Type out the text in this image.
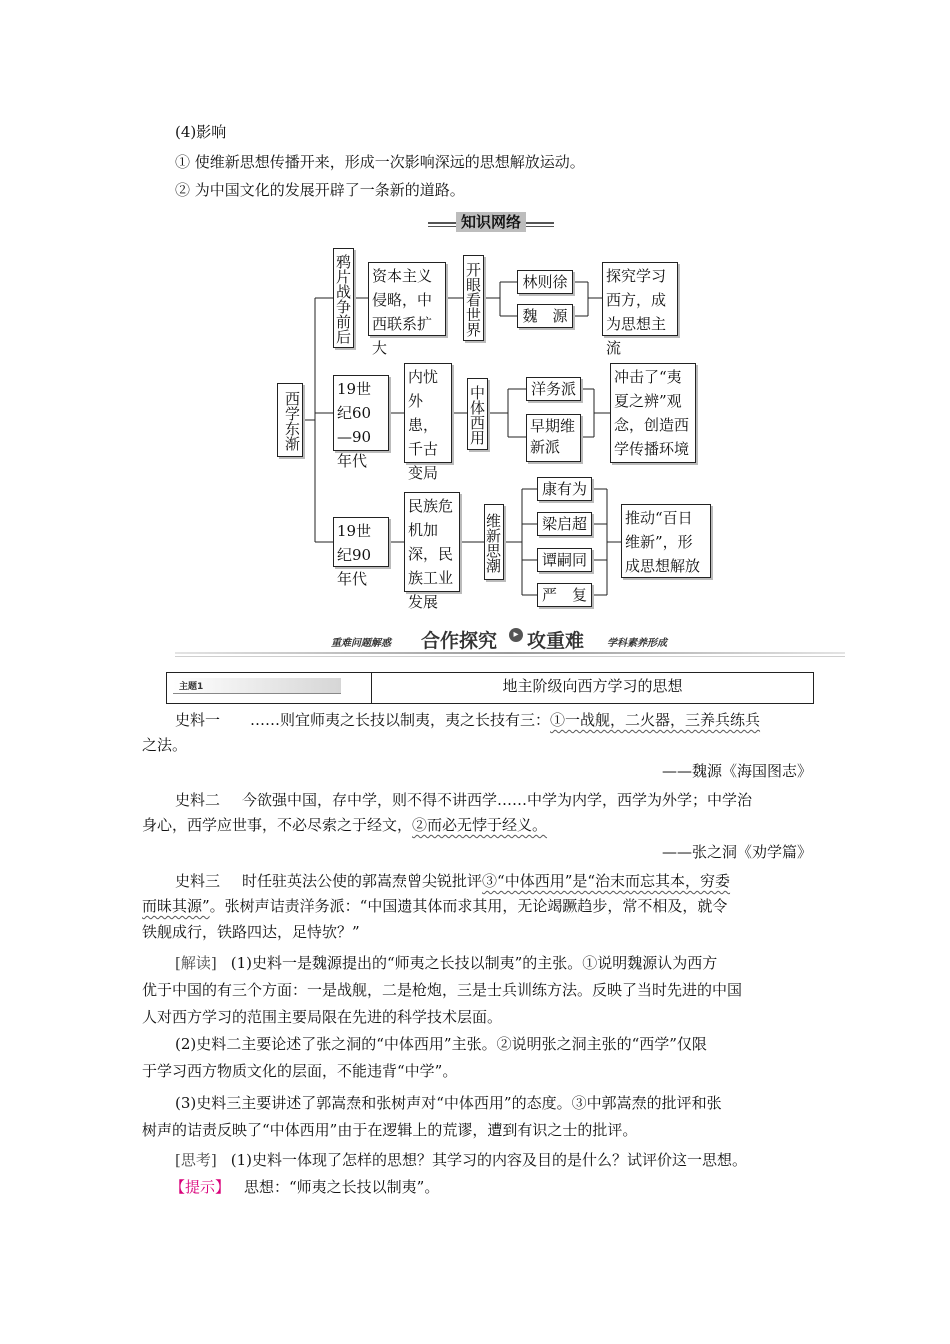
(4)影响
① 使维新思想传播开来，形成一次影响深远的思想解放运动。
② 为中国文化的发展开辟了一条新的道路。
知识网络
西学东渐
鸦片战争前后 资本主义侵略，中西联系扩大
开眼看世界	林则徐
魏　源
探究学习西方，成为思想主流
19世纪60—90年代
内忧外患，千古变局
中体西用	洋务派
早期维新派
冲击了“夷夏之辨”观念，创造西学传播环境
19世纪90年代
民族危机加深，民族工业发展
维新思潮
康有为
梁启超
谭嗣同
严　复
推动“百日维新”，形成思想解放
重难问题解惑 合作探究	▸ 攻重难 学科素养形成
主题1	地主阶级向西方学习的思想
史料一 ……则宜师夷之长技以制夷，夷之长技有三：①一战舰，二火器，三养兵练兵
之法。
——魏源《海国图志》
史料二 今欲强中国，存中学，则不得不讲西学……中学为内学，西学为外学；中学治
身心，西学应世事，不必尽索之于经文，②而必无悖于经义。
——张之洞《劝学篇》
史料三 时任驻英法公使的郭嵩焘曾尖锐批评③“中体西用”是“治末而忘其本，穷委
而昧其源”。张树声诘责洋务派：“中国遗其体而求其用，无论竭蹶趋步，常不相及，就令
铁舰成行，铁路四达，足恃欤？”
[解读] (1)史料一是魏源提出的“师夷之长技以制夷”的主张。①说明魏源认为西方
优于中国的有三个方面：一是战舰，二是枪炮，三是士兵训练方法。反映了当时先进的中国
人对西方学习的范围主要局限在先进的科学技术层面。
(2)史料二主要论述了张之洞的“中体西用”主张。②说明张之洞主张的“西学”仅限
于学习西方物质文化的层面，不能违背“中学”。
(3)史料三主要讲述了郭嵩焘和张树声对“中体西用”的态度。③中郭嵩焘的批评和张
树声的诘责反映了“中体西用”由于在逻辑上的荒谬，遭到有识之士的批评。
[思考] (1)史料一体现了怎样的思想？其学习的内容及目的是什么？试评价这一思想。
【提示】 思想：“师夷之长技以制夷”。
